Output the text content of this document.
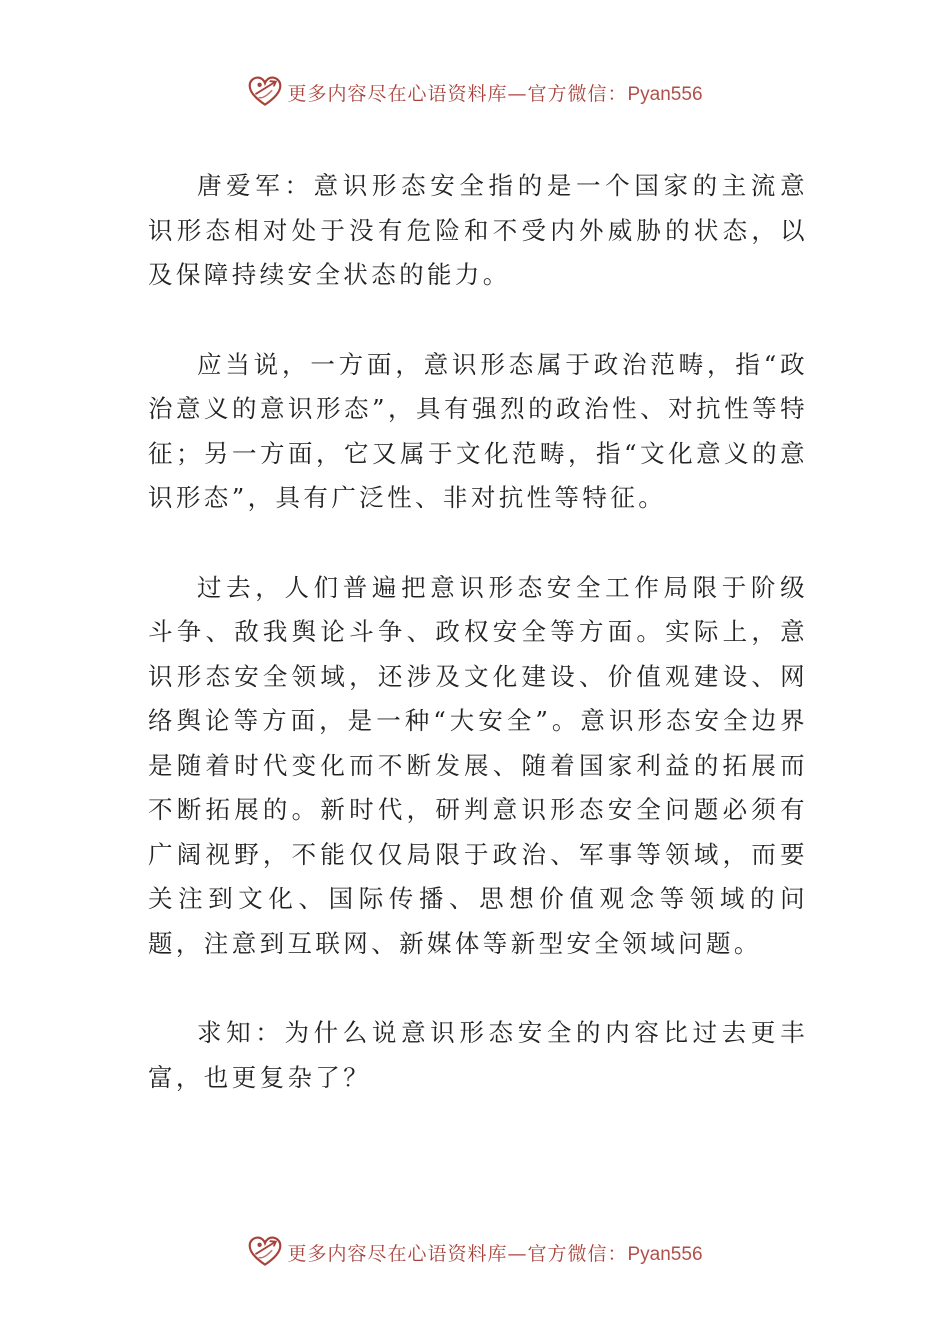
更多内容尽在心语资料库—官方微信：Pyan556

唐爱军：意识形态安全指的是一个国家的主流意识形态相对处于没有危险和不受内外威胁的状态，以及保障持续安全状态的能力。

应当说，一方面，意识形态属于政治范畴，指“政治意义的意识形态”，具有强烈的政治性、对抗性等特征；另一方面，它又属于文化范畴，指“文化意义的意识形态”，具有广泛性、非对抗性等特征。

过去，人们普遍把意识形态安全工作局限于阶级斗争、敌我舆论斗争、政权安全等方面。实际上，意识形态安全领域，还涉及文化建设、价值观建设、网络舆论等方面，是一种“大安全”。意识形态安全边界是随着时代变化而不断发展、随着国家利益的拓展而不断拓展的。新时代，研判意识形态安全问题必须有广阔视野，不能仅仅局限于政治、军事等领域，而要关注到文化、国际传播、思想价值观念等领域的问题，注意到互联网、新媒体等新型安全领域问题。

求知：为什么说意识形态安全的内容比过去更丰富，也更复杂了？

更多内容尽在心语资料库—官方微信：Pyan556
